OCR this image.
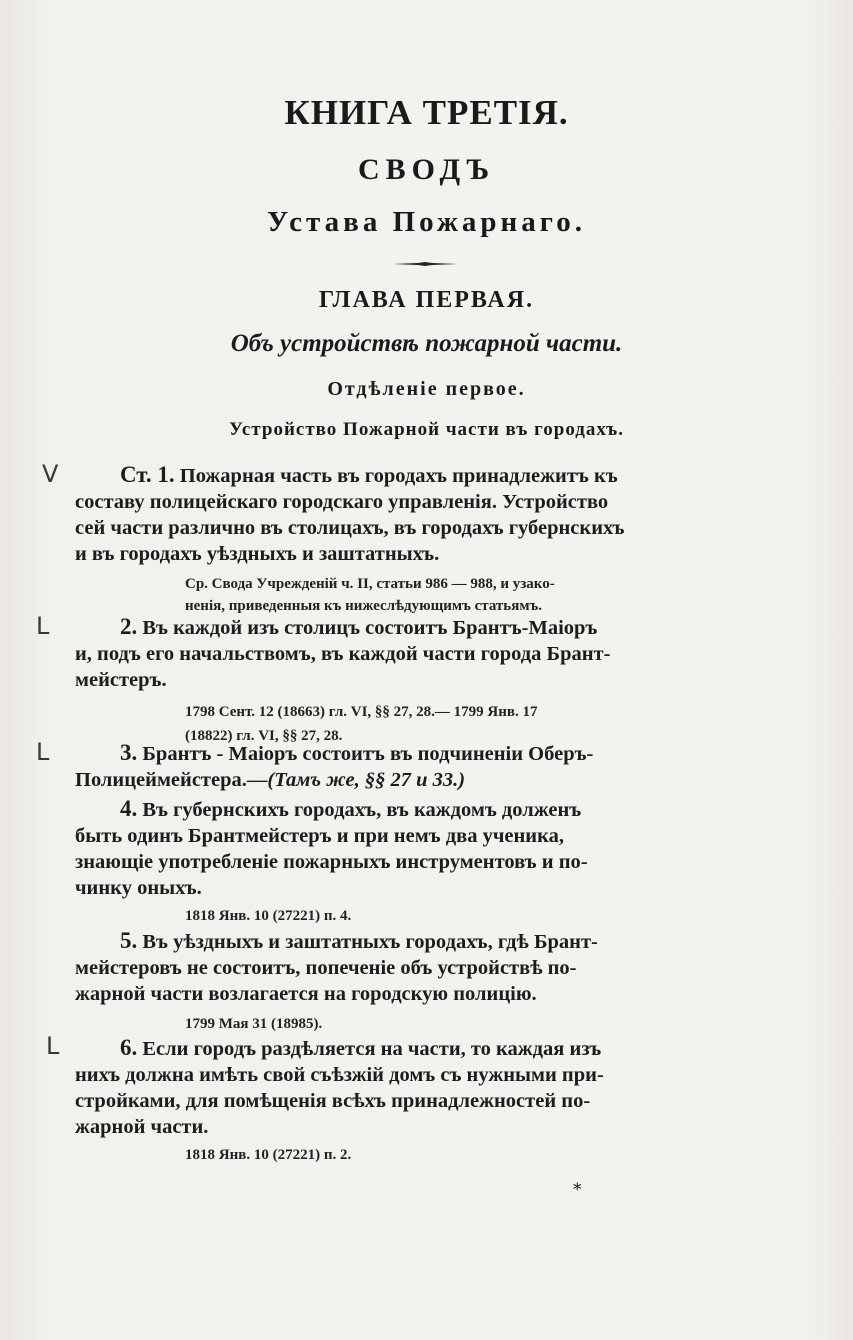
КНИГА ТРЕТІЯ.
СВОДЪ
Устава Пожарнаго.
ГЛАВА ПЕРВАЯ.
Объ устройствѣ пожарной части.
Отдѣленіе первое.
Устройство Пожарной части въ городахъ.
V
L
L
L
Ст. 1. Пожарная часть въ городахъ принадлежитъ къ
составу полицейскаго городскаго управленія. Устройство
сей части различно въ столицахъ, въ городахъ губернскихъ
и въ городахъ уѣздныхъ и заштатныхъ.
Ср. Свода Учрежденій ч. II, статьи 986 — 988, и узако-
ненія, приведенныя къ нижеслѣдующимъ статьямъ.
2. Въ каждой изъ столицъ состоитъ Брантъ-Маіоръ
и, подъ его начальствомъ, въ каждой части города Брант-
мейстеръ.
1798 Сент. 12 (18663) гл. VI, §§ 27, 28.— 1799 Янв. 17
(18822) гл. VI, §§ 27, 28.
3. Брантъ - Маіоръ состоитъ въ подчиненіи Оберъ-
Полицеймейстера.—(Тамъ же, §§ 27 и 33.)
4. Въ губернскихъ городахъ, въ каждомъ долженъ
быть одинъ Брантмейстеръ и при немъ два ученика,
знающіе употребленіе пожарныхъ инструментовъ и по-
чинку оныхъ.
1818 Янв. 10 (27221) п. 4.
5. Въ уѣздныхъ и заштатныхъ городахъ, гдѣ Брант-
мейстеровъ не состоитъ, попеченіе объ устройствѣ по-
жарной части возлагается на городскую полицію.
1799 Мая 31 (18985).
6. Если городъ раздѣляется на части, то каждая изъ
нихъ должна имѣть свой съѣзжій домъ съ нужными при-
стройками, для помѣщенія всѣхъ принадлежностей по-
жарной части.
1818 Янв. 10 (27221) п. 2.
*
